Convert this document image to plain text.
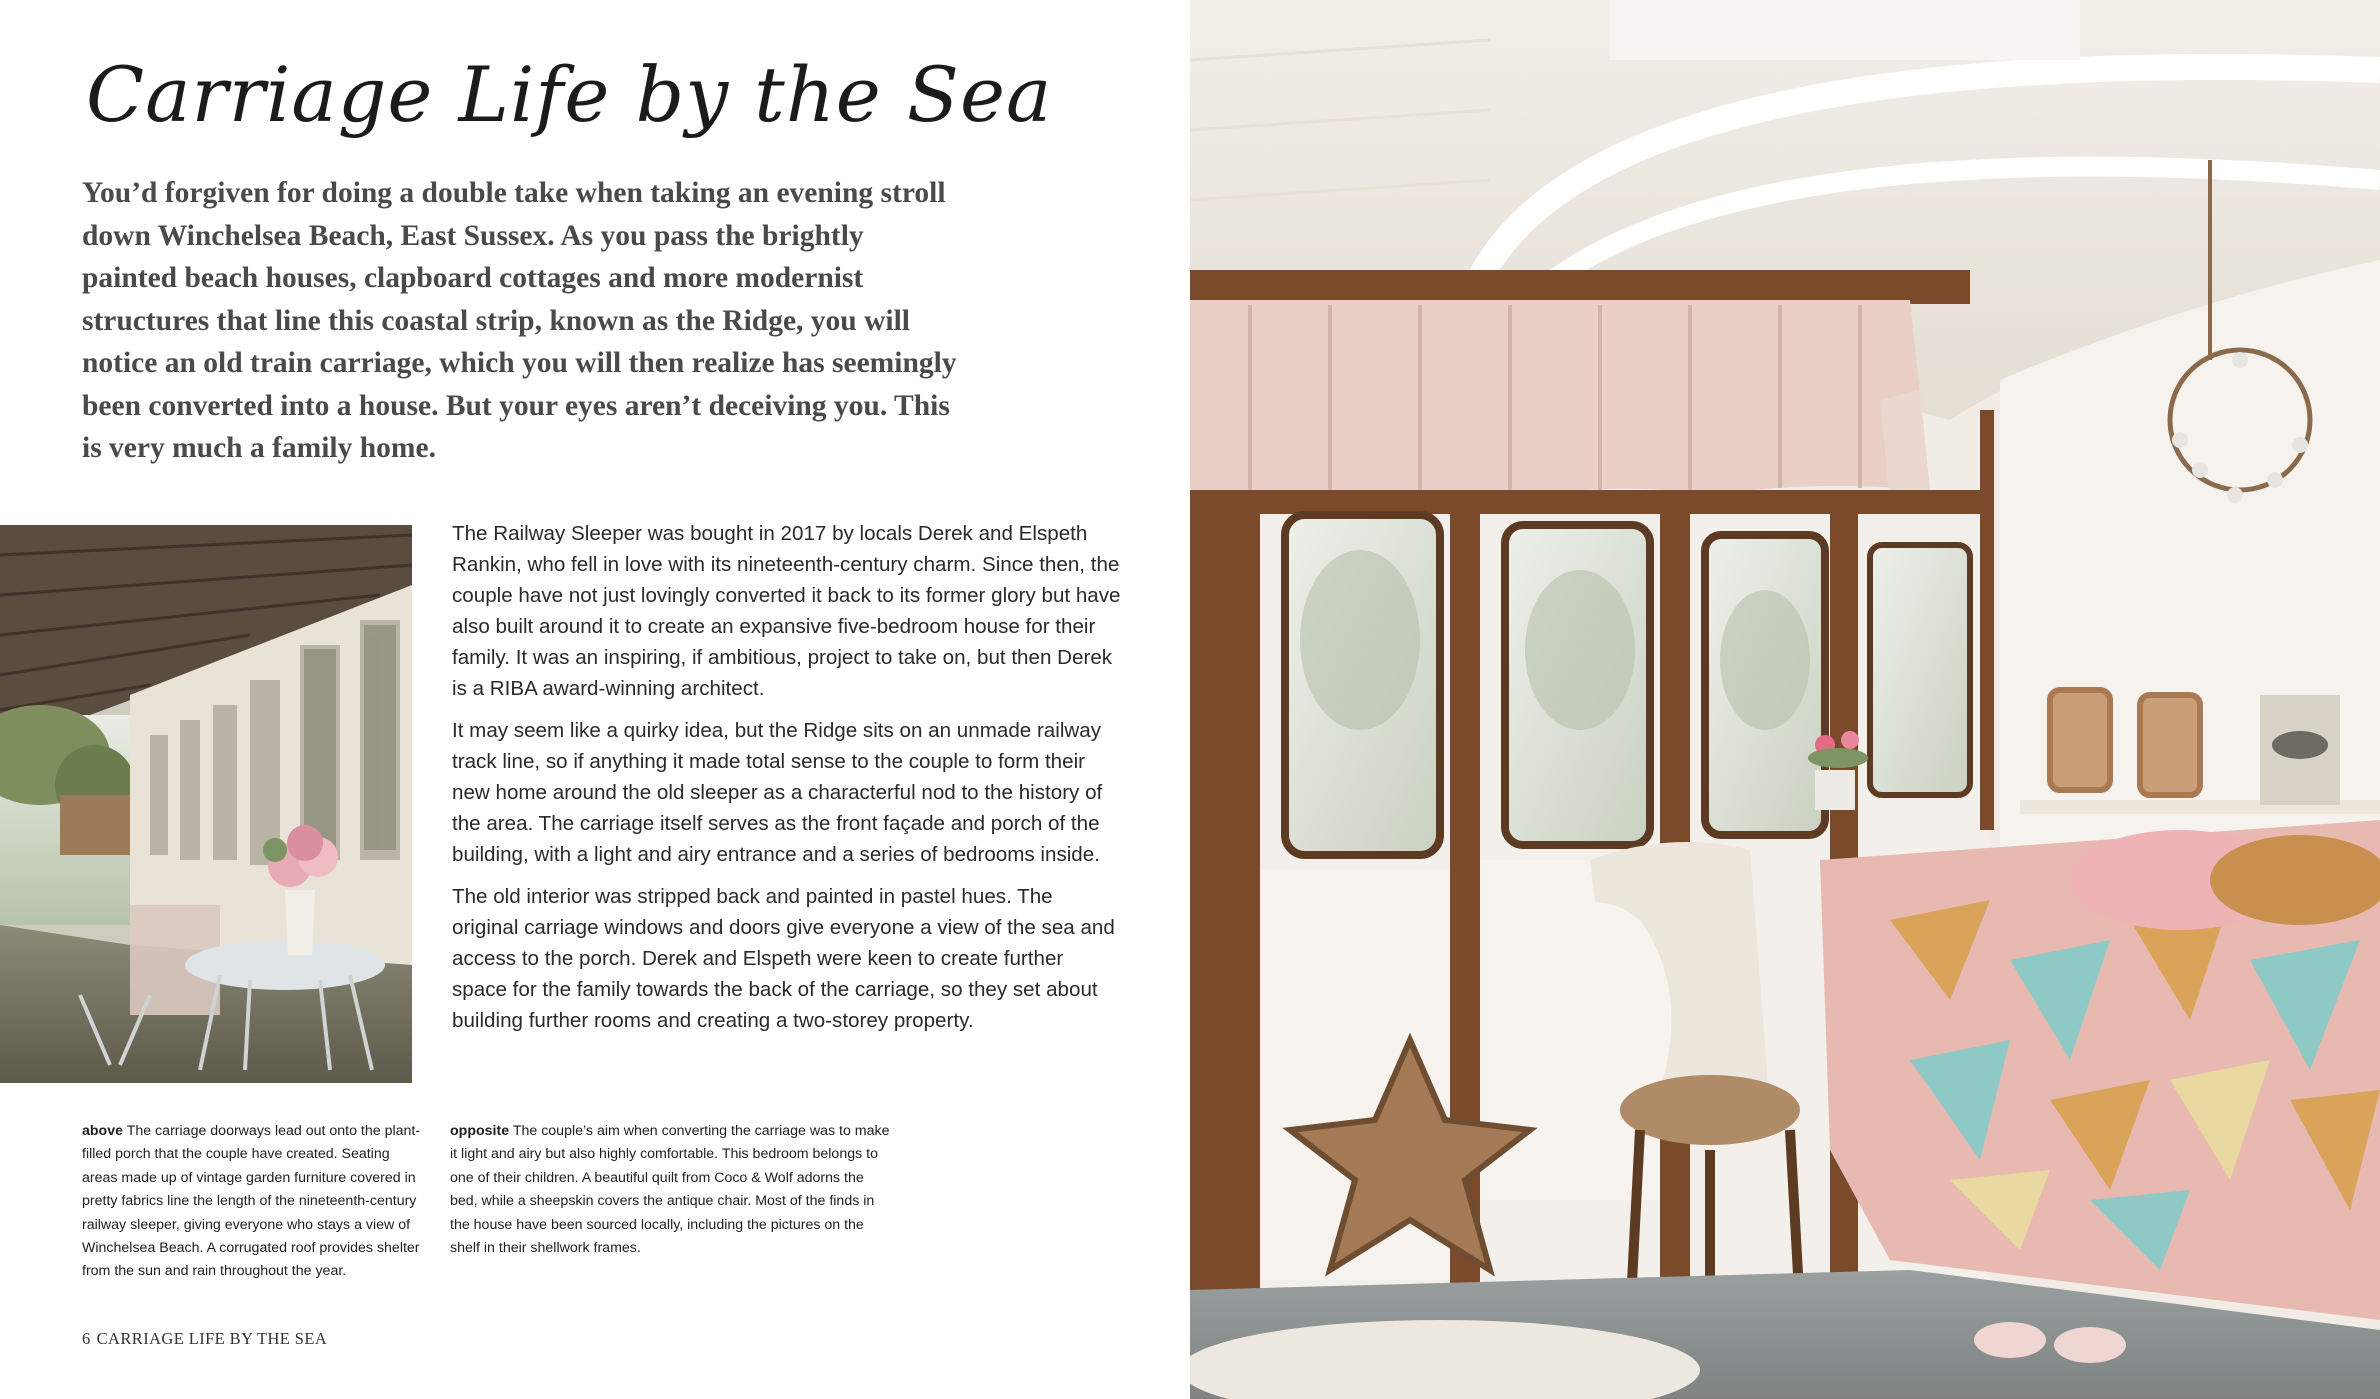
Carriage Life by the Sea
You’d forgiven for doing a double take when taking an evening stroll down Winchelsea Beach, East Sussex. As you pass the brightly painted beach houses, clapboard cottages and more modernist structures that line this coastal strip, known as the Ridge, you will notice an old train carriage, which you will then realize has seemingly been converted into a house. But your eyes aren’t deceiving you. This is very much a family home.

The Railway Sleeper was bought in 2017 by locals Derek and Elspeth Rankin, who fell in love with its nineteenth-century charm. Since then, the couple have not just lovingly converted it back to its former glory but have also built around it to create an expansive five-bedroom house for their family. It was an inspiring, if ambitious, project to take on, but then Derek is a RIBA award-winning architect.

It may seem like a quirky idea, but the Ridge sits on an unmade railway track line, so if anything it made total sense to the couple to form their new home around the old sleeper as a characterful nod to the history of the area. The carriage itself serves as the front façade and porch of the building, with a light and airy entrance and a series of bedrooms inside.

The old interior was stripped back and painted in pastel hues. The original carriage windows and doors give everyone a view of the sea and access to the porch. Derek and Elspeth were keen to create further space for the family towards the back of the carriage, so they set about building further rooms and creating a two-storey property.

above The carriage doorways lead out onto the plant-filled porch that the couple have created. Seating areas made up of vintage garden furniture covered in pretty fabrics line the length of the nineteenth-century railway sleeper, giving everyone who stays a view of Winchelsea Beach. A corrugated roof provides shelter from the sun and rain throughout the year.
opposite The couple’s aim when converting the carriage was to make it light and airy but also highly comfortable. This bedroom belongs to one of their children. A beautiful quilt from Coco & Wolf adorns the bed, while a sheepskin covers the antique chair. Most of the finds in the house have been sourced locally, including the pictures on the shelf in their shellwork frames.
6 CARRIAGE LIFE BY THE SEA
